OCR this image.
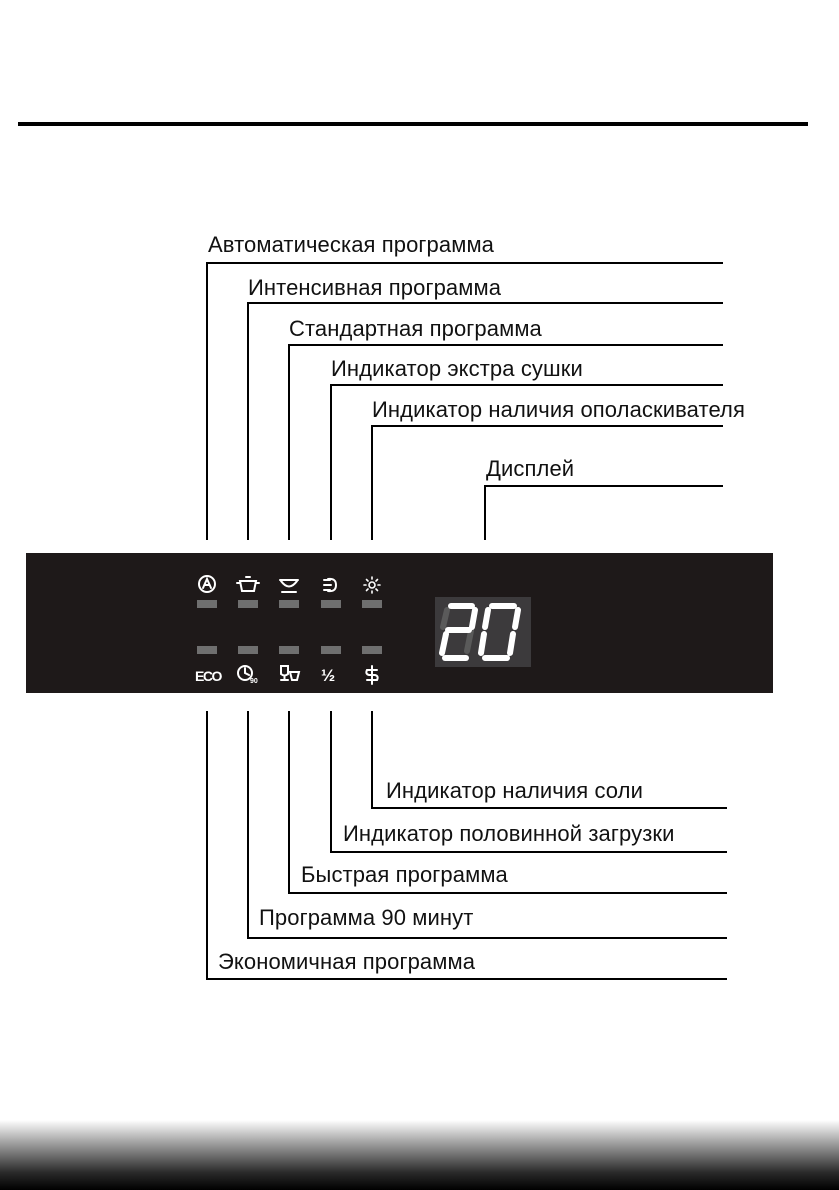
Автоматическая программа
Интенсивная программа
Стандартная программа
Индикатор экстра сушки
Индикатор наличия ополаскивателя
Дисплей
Индикатор наличия соли
Индикатор половинной загрузки
Быстрая программа
Программа 90 минут
Экономичная программа
ECO	90	½
